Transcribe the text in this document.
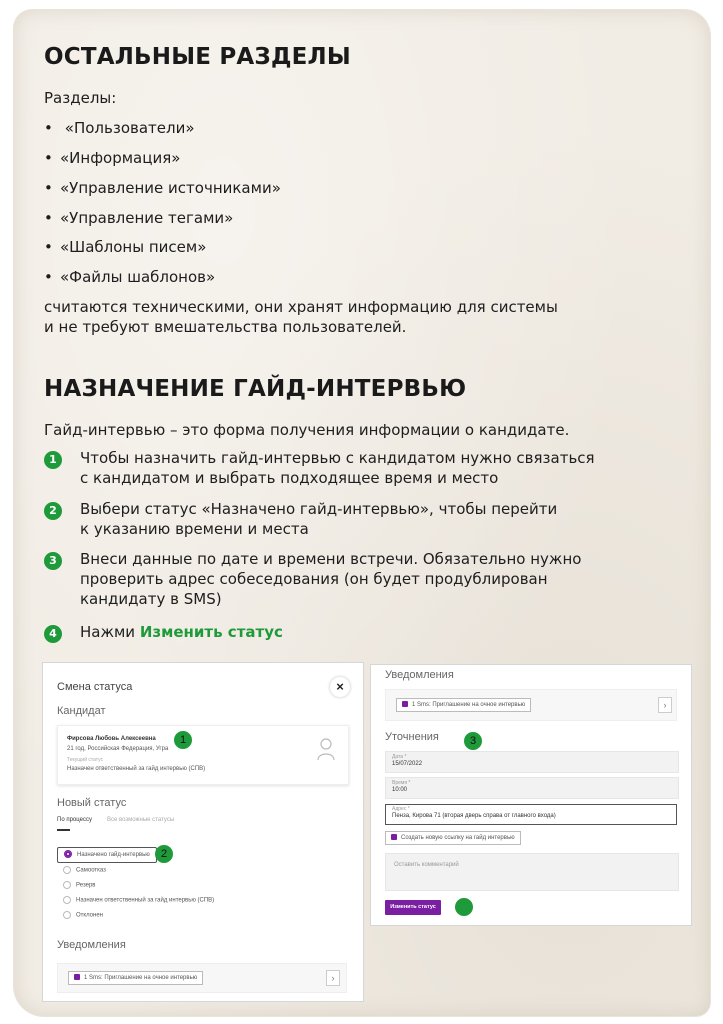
ОСТАЛЬНЫЕ РАЗДЕЛЫ
Разделы:
• «Пользователи»
• «Информация»
• «Управление источниками»
• «Управление тегами»
• «Шаблоны писем»
• «Файлы шаблонов»
считаются техническими, они хранят информацию для системы
и не требуют вмешательства пользователей.
НАЗНАЧЕНИЕ ГАЙД-ИНТЕРВЬЮ
Гайд-интервью – это форма получения информации о кандидате.
1	Чтобы назначить гайд-интервью с кандидатом нужно связаться
с кандидатом и выбрать подходящее время и место
2	Выбери статус «Назначено гайд-интервью», чтобы перейти
к указанию времени и места
3	Внеси данные по дате и времени встречи. Обязательно нужно
проверить адрес собеседования (он будет продублирован
кандидату в SMS)
4	Нажми Изменить статус
Смена статуса	×
Кандидат
Фирсова Любовь Алексеевна
21 год, Российская Федерация, Угра
Текущий статус
Назначен ответственный за гайд интервью (СПВ)
1
Новый статус
По процессу	Все возможные статусы
Назначено гайд-интервью	2
Самоотказ
Резерв
Назначен ответственный за гайд интервью (СПВ)
Отклонен
Уведомления
1 Sms: Приглашение на очное интервью	›
Уведомления
1 Sms: Приглашение на очное интервью	›
Уточнения	3
Дата *
15/07/2022
Время *
10:00
Адрес *
Пенза, Кирова 71 (вторая дверь справа от главного входа)
Создать новую ссылку на гайд интервью
Оставить комментарий
Изменить статус	4
